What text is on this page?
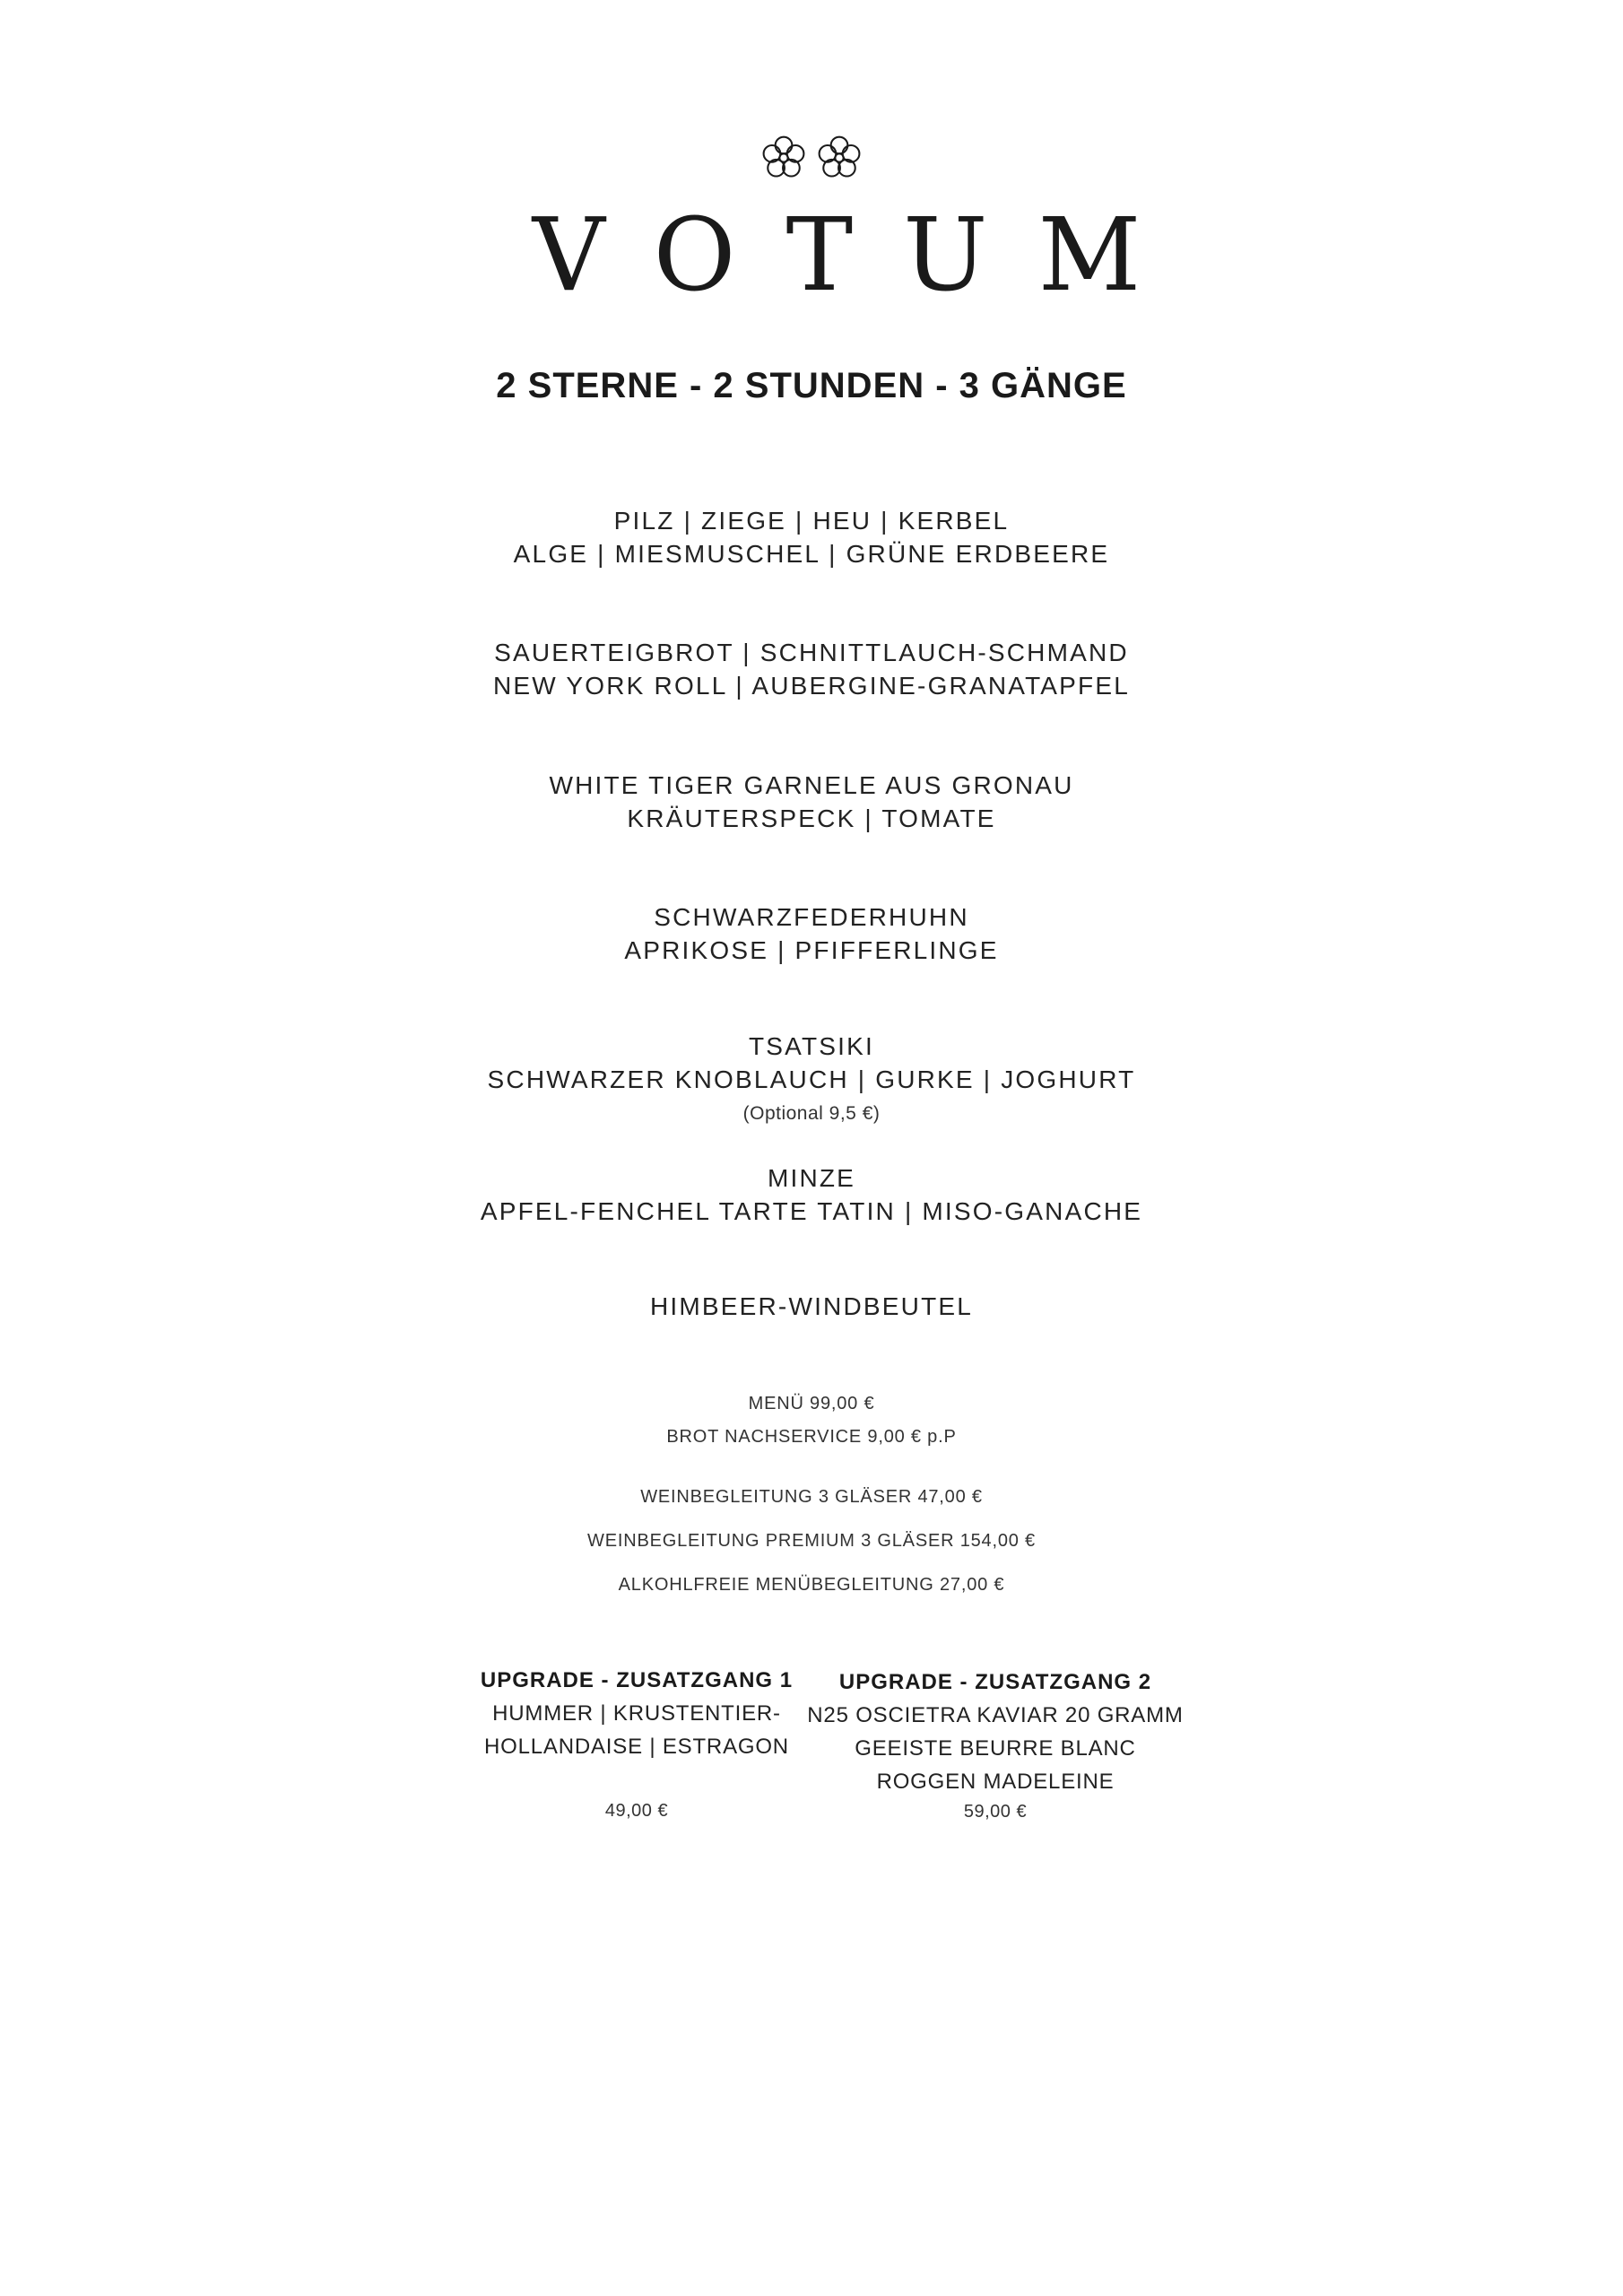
VOTUM
2 STERNE - 2 STUNDEN - 3 GÄNGE
PILZ | ZIEGE | HEU | KERBEL
ALGE | MIESMUSCHEL | GRÜNE ERDBEERE
SAUERTEIGBROT | SCHNITTLAUCH-SCHMAND
NEW YORK ROLL | AUBERGINE-GRANATAPFEL
WHITE TIGER GARNELE AUS GRONAU
KRÄUTERSPECK | TOMATE
SCHWARZFEDERHUHN
APRIKOSE | PFIFFERLINGE
TSATSIKI
SCHWARZER KNOBLAUCH | GURKE | JOGHURT
(Optional 9,5 €)
MINZE
APFEL-FENCHEL TARTE TATIN | MISO-GANACHE
HIMBEER-WINDBEUTEL
MENÜ 99,00 €
BROT NACHSERVICE 9,00 € p.P
WEINBEGLEITUNG 3 GLÄSER 47,00 €
WEINBEGLEITUNG PREMIUM 3 GLÄSER 154,00 €
ALKOHLFREIE MENÜBEGLEITUNG 27,00 €
UPGRADE - ZUSATZGANG 1
HUMMER | KRUSTENTIER-
HOLLANDAISE | ESTRAGON
49,00 €
UPGRADE - ZUSATZGANG 2
N25 OSCIETRA KAVIAR 20 GRAMM
GEEISTE BEURRE BLANC
ROGGEN MADELEINE
59,00 €
